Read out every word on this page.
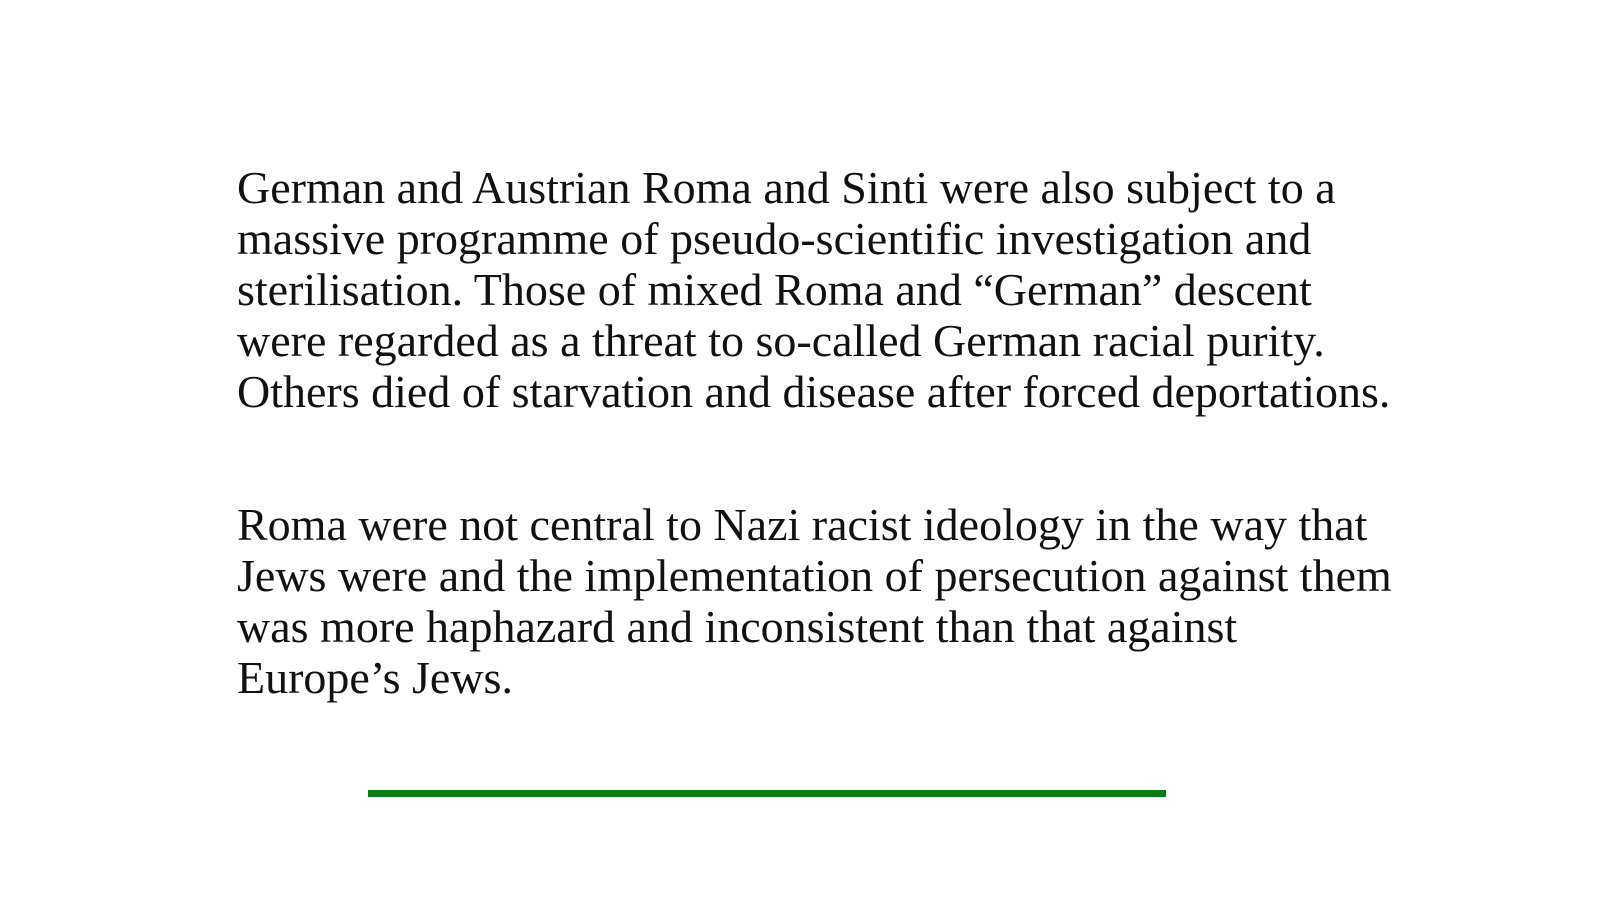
German and Austrian Roma and Sinti were also subject to a
massive programme of pseudo-scientific investigation and
sterilisation. Those of mixed Roma and “German” descent
were regarded as a threat to so-called German racial purity.
Others died of starvation and disease after forced deportations.
Roma were not central to Nazi racist ideology in the way that
Jews were and the implementation of persecution against them
was more haphazard and inconsistent than that against
Europe’s Jews.
